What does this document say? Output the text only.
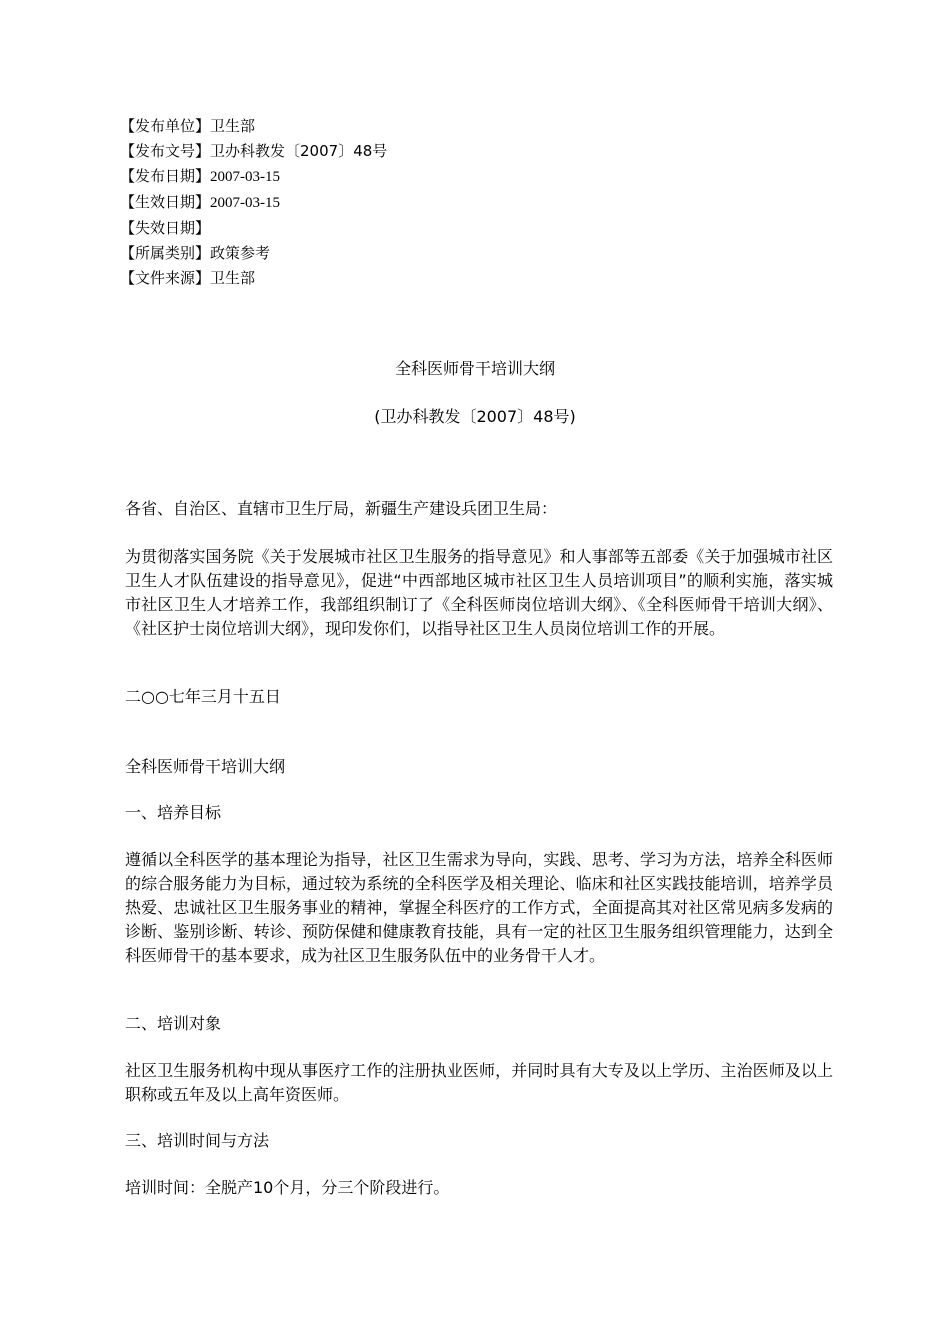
【发布单位】卫生部
【发布文号】卫办科教发〔2007〕48号
【发布日期】2007-03-15
【生效日期】2007-03-15
【失效日期】
【所属类别】政策参考
【文件来源】卫生部
全科医师骨干培训大纲
(卫办科教发〔2007〕48号)
各省、自治区、直辖市卫生厅局，新疆生产建设兵团卫生局：
为贯彻落实国务院《关于发展城市社区卫生服务的指导意见》和人事部等五部委《关于加强城市社区卫生人才队伍建设的指导意见》，促进“中西部地区城市社区卫生人员培训项目”的顺利实施，落实城市社区卫生人才培养工作，我部组织制订了《全科医师岗位培训大纲》、《全科医师骨干培训大纲》、《社区护士岗位培训大纲》，现印发你们，以指导社区卫生人员岗位培训工作的开展。
二○○七年三月十五日
全科医师骨干培训大纲
一、培养目标
遵循以全科医学的基本理论为指导，社区卫生需求为导向，实践、思考、学习为方法，培养全科医师的综合服务能力为目标，通过较为系统的全科医学及相关理论、临床和社区实践技能培训，培养学员热爱、忠诚社区卫生服务事业的精神，掌握全科医疗的工作方式，全面提高其对社区常见病多发病的诊断、鉴别诊断、转诊、预防保健和健康教育技能，具有一定的社区卫生服务组织管理能力，达到全科医师骨干的基本要求，成为社区卫生服务队伍中的业务骨干人才。
二、培训对象
社区卫生服务机构中现从事医疗工作的注册执业医师，并同时具有大专及以上学历、主治医师及以上职称或五年及以上高年资医师。
三、培训时间与方法
培训时间：全脱产10个月，分三个阶段进行。
